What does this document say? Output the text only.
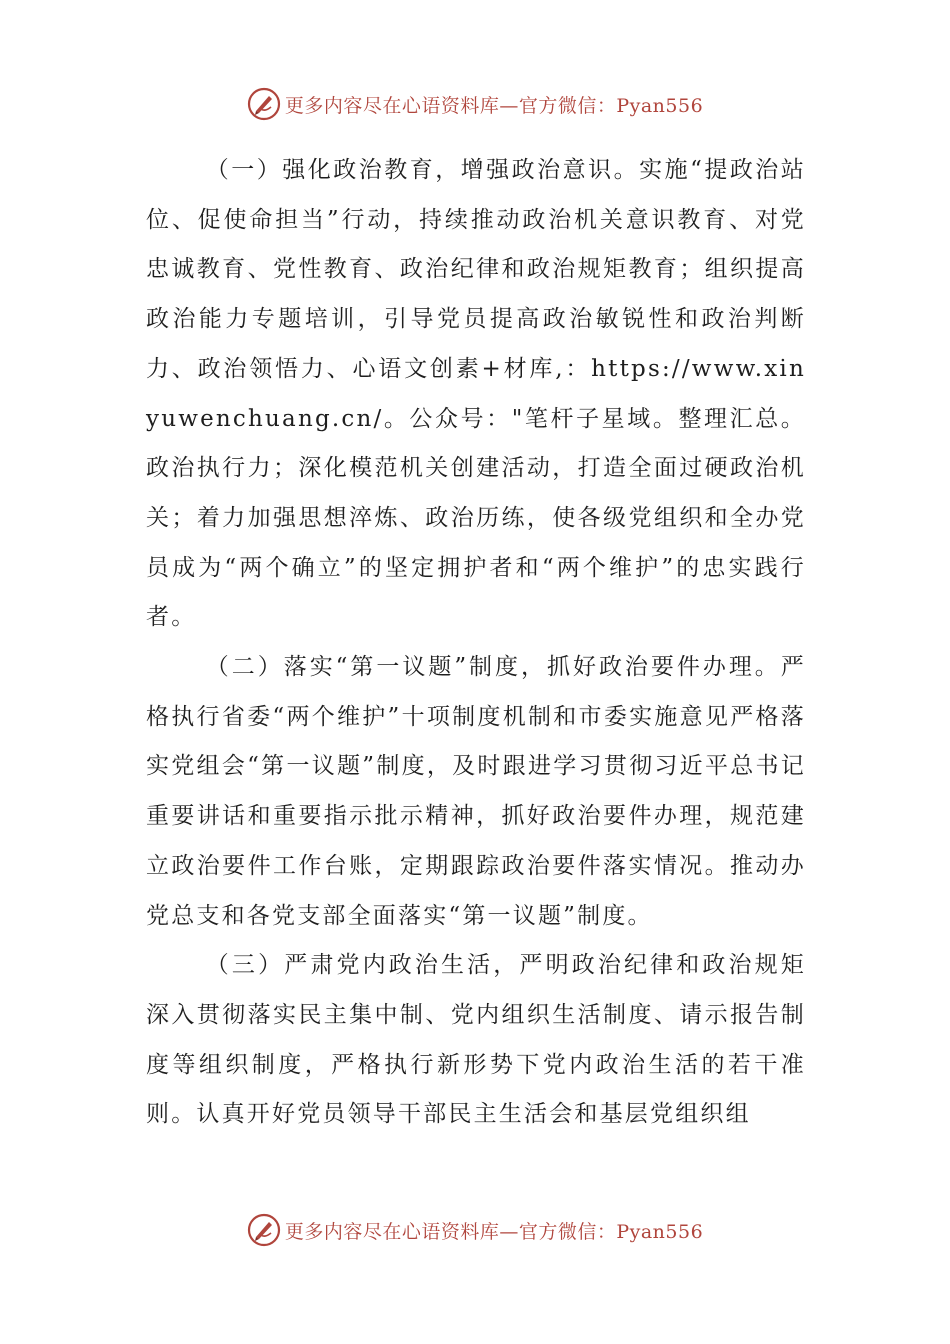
更多内容尽在心语资料库—官方微信：Pyan556

（一）强化政治教育，增强政治意识。实施“提政治站位、促使命担当”行动，持续推动政治机关意识教育、对党忠诚教育、党性教育、政治纪律和政治规矩教育；组织提高政治能力专题培训，引导党员提高政治敏锐性和政治判断力、政治领悟力、心语文创素+材库,：https://www.xinyuwenchuang.cn/。公众号："笔杆子星域。整理汇总。政治执行力；深化模范机关创建活动，打造全面过硬政治机关；着力加强思想淬炼、政治历练，使各级党组织和全办党员成为“两个确立”的坚定拥护者和“两个维护”的忠实践行者。

（二）落实“第一议题”制度，抓好政治要件办理。严格执行省委“两个维护”十项制度机制和市委实施意见严格落实党组会“第一议题”制度，及时跟进学习贯彻习近平总书记重要讲话和重要指示批示精神，抓好政治要件办理，规范建立政治要件工作台账，定期跟踪政治要件落实情况。推动办党总支和各党支部全面落实“第一议题”制度。

（三）严肃党内政治生活，严明政治纪律和政治规矩深入贯彻落实民主集中制、党内组织生活制度、请示报告制度等组织制度，严格执行新形势下党内政治生活的若干准则。认真开好党员领导干部民主生活会和基层党组织组

更多内容尽在心语资料库—官方微信：Pyan556
